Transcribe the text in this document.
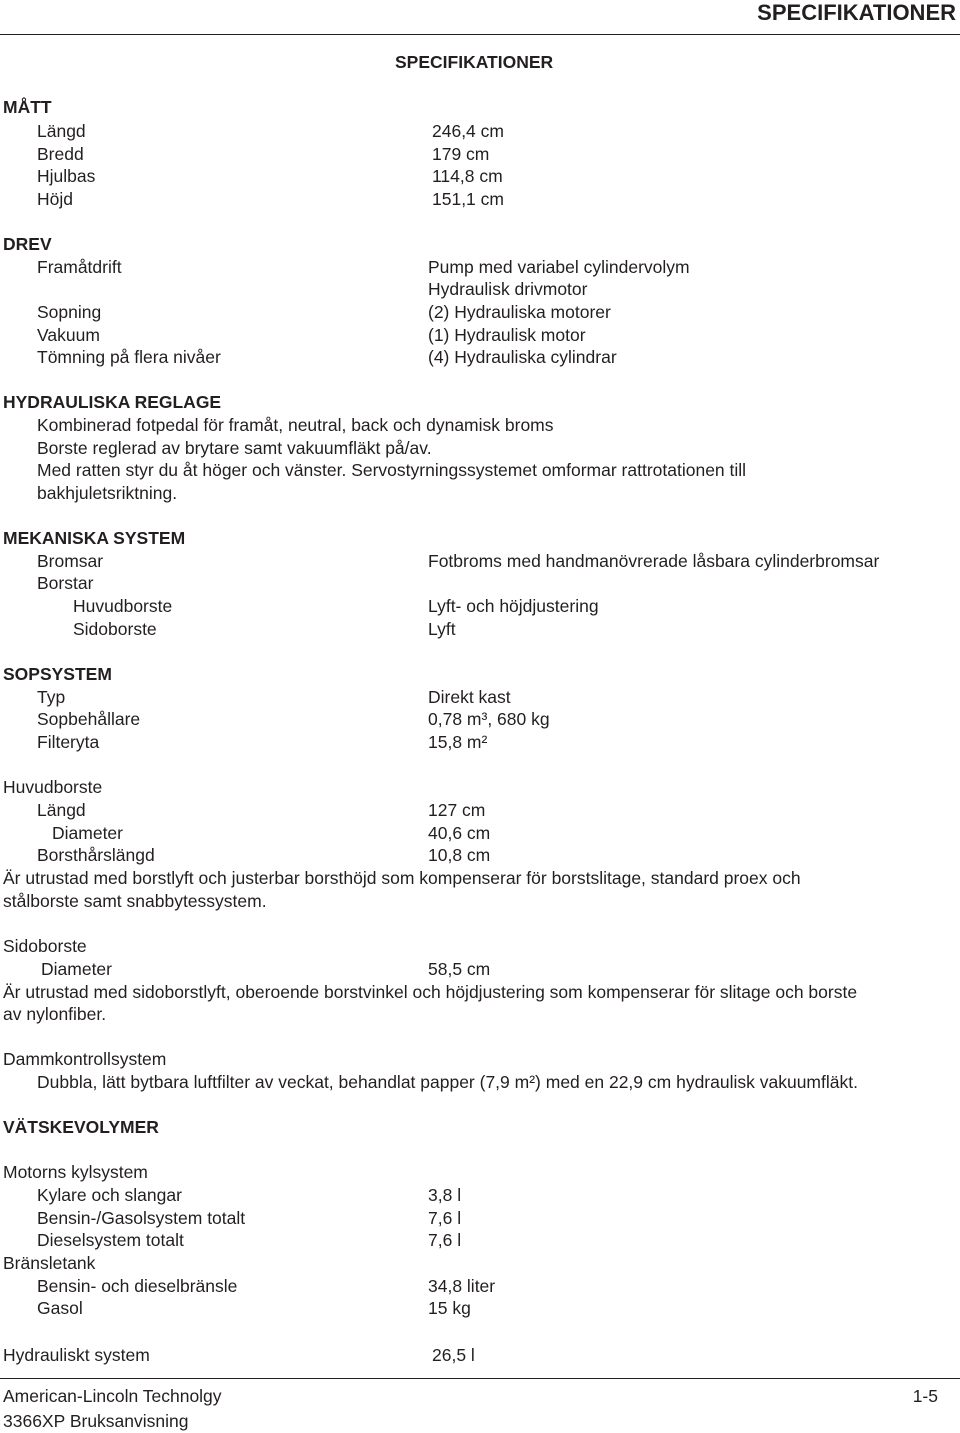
SPECIFIKATIONER
SPECIFIKATIONER
MÅTT
Längd	246,4 cm
Bredd	179 cm
Hjulbas	114,8 cm
Höjd	151,1 cm
DREV
Framåtdrift	Pump med variabel cylindervolym
Hydraulisk drivmotor
Sopning	(2) Hydrauliska motorer
Vakuum	(1) Hydraulisk motor
Tömning på flera nivåer	(4) Hydrauliska cylindrar
HYDRAULISKA REGLAGE
Kombinerad fotpedal för framåt, neutral, back och dynamisk broms
Borste reglerad av brytare samt vakuumfläkt på/av.
Med ratten styr du åt höger och vänster. Servostyrningssystemet omformar rattrotationen till
bakhjuletsriktning.
MEKANISKA SYSTEM
Bromsar	Fotbroms med handmanövrerade låsbara cylinderbromsar
Borstar
Huvudborste	Lyft- och höjdjustering
Sidoborste	Lyft
SOPSYSTEM
Typ	Direkt kast
Sopbehållare	0,78 m³, 680 kg
Filteryta	15,8 m²
Huvudborste
Längd	127 cm
Diameter	40,6 cm
Borsthårslängd	10,8 cm
Är utrustad med borstlyft och justerbar borsthöjd som kompenserar för borstslitage, standard proex och
stålborste samt snabbytessystem.
Sidoborste
Diameter	58,5 cm
Är utrustad med sidoborstlyft, oberoende borstvinkel och höjdjustering som kompenserar för slitage och borste
av nylonfiber.
Dammkontrollsystem
Dubbla, lätt bytbara luftfilter av veckat, behandlat papper (7,9 m²) med en 22,9 cm hydraulisk vakuumfläkt.
VÄTSKEVOLYMER
Motorns kylsystem
Kylare och slangar	3,8 l
Bensin-/Gasolsystem totalt	7,6 l
Dieselsystem totalt	7,6 l
Bränsletank
Bensin- och dieselbränsle	34,8 liter
Gasol	15 kg
Hydrauliskt system	26,5 l
American-Lincoln Technolgy	1-5
3366XP Bruksanvisning
